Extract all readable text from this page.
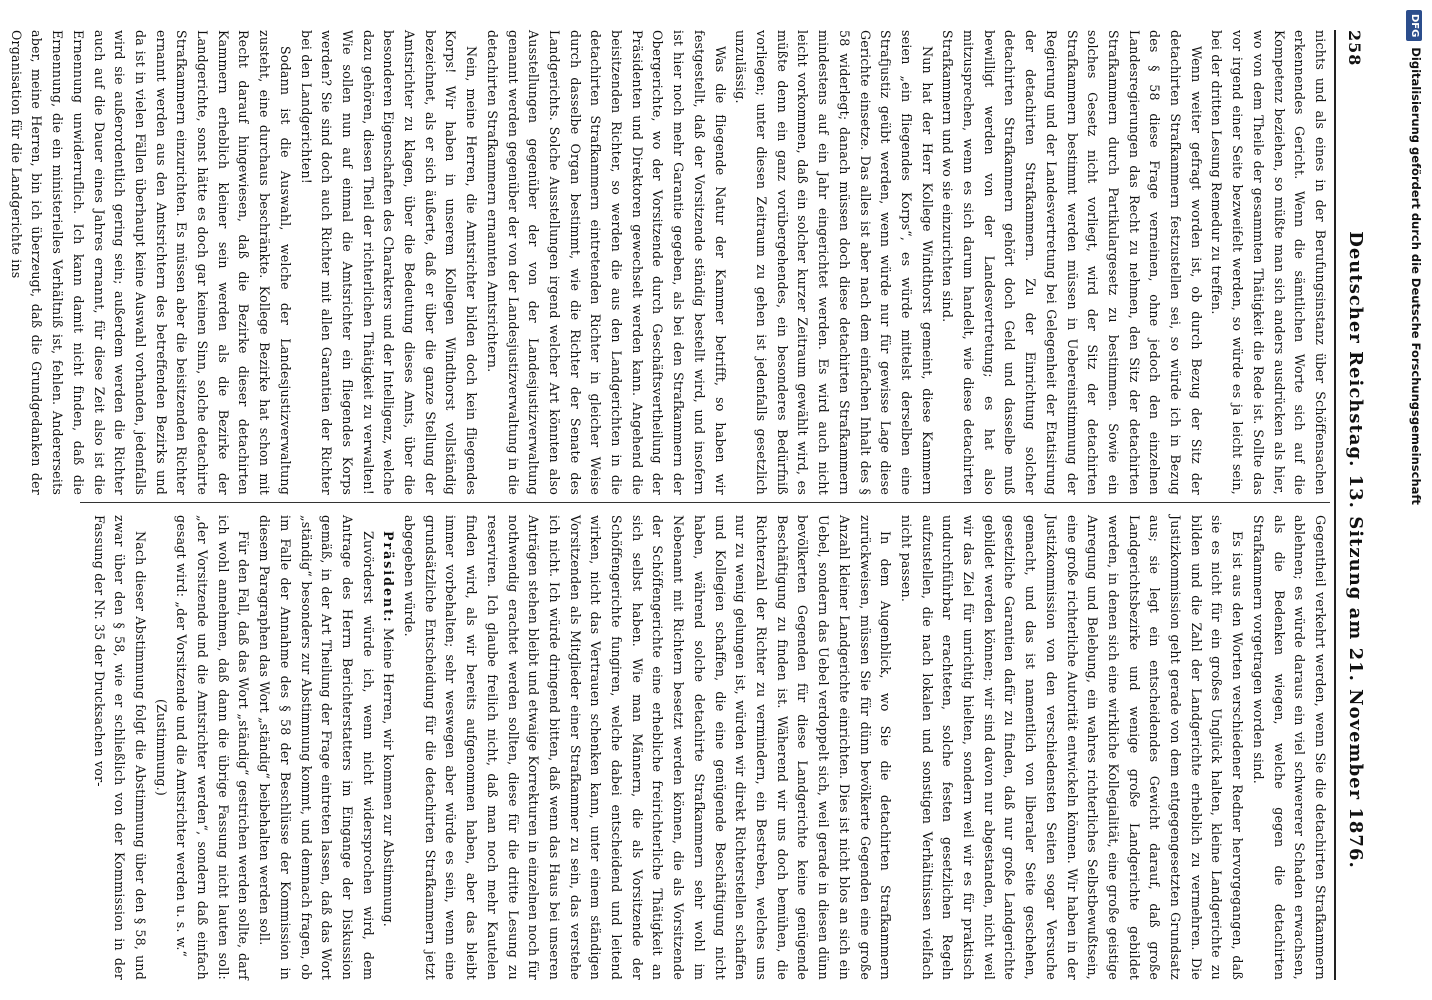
258
Deutscher Reichstag. 13. Sitzung am 21. November 1876.

nichts und als eines in der Berufungsinstanz über Schöffensachen erkennendes Gericht. Wenn die sämtlichen Worte sich auf die Kompetenz beziehen, so müßte man sich anders ausdrücken als hier, wo von dem Theile der gesammten Thätigkeit die Rede ist. Sollte das vor irgend einer Seite bezweifelt werden, so würde es ja leicht sein, bei der dritten Lesung Remedur zu treffen.

Wenn weiter gefragt worden ist, ob durch Bezug der Sitz der detachirten Strafkammern festzustellen sei, so würde ich in Bezug des § 58 diese Frage verneinen, ohne jedoch den einzelnen Landesregierungen das Recht zu nehmen, den Sitz der detachirten Strafkammern durch Partikulargesetz zu bestimmen. Sowie ein solches Gesetz nicht vorliegt, wird der Sitz der detachirten Strafkammern bestimmt werden müssen in Uebereinstimmung der Regierung und der Landesvertretung bei Gelegenheit der Etatisirung der detachirten Strafkammern. Zu der Einrichtung solcher detachirten Strafkammern gehört doch Geld und dasselbe muß bewilligt werden von der Landesvertretung; es hat also mitzusprechen, wenn es sich darum handelt, wie diese detachirten Strafkammern und wo sie einzurichten sind.

Nun hat der Herr Kollege Windthorst gemeint, diese Kammern seien „ein fliegendes Korps“, es würde mittelst derselben eine Strafjustiz geübt werden, wenn würde nur für gewisse Lage diese Gerichte einsetze. Das alles ist aber nach dem einfachen Inhalt des § 58 widerlegt; danach müssen doch diese detachirten Strafkammern mindestens auf ein Jahr eingerichtet werden. Es wird auch nicht leicht vorkommen, daß ein solcher kurzer Zeitraum gewählt wird, es müßte denn ein ganz vorübergehendes, ein besonderes Bedürfniß vorliegen; unter diesen Zeitraum zu gehen ist jedenfalls gesetzlich unzulässig.

Was die fliegende Natur der Kammer betrifft, so haben wir festgestellt, daß der Vorsitzende ständig bestellt wird, und insofern ist hier noch mehr Garantie gegeben, als bei den Strafkammern der Obergerichte, wo der Vorsitzende durch Geschäftsvertheilung der Präsidenten und Direktoren gewechselt werden kann. Angehend die beisitzenden Richter, so werden die aus den Landgerichten in die detachirten Strafkammern eintretenden Richter in gleicher Weise durch dasselbe Organ bestimmt, wie die Richter der Senate des Landgerichts. Solche Ausstellungen irgend welcher Art könnten also Ausstellungen gegenüber der von der Landesjustizverwaltung genannt werden gegenüber der von der Landesjustizverwaltung in die detachirten Strafkammern ernannten Amtsrichtern.

Nein, meine Herren, die Amtsrichter bilden doch kein fliegendes Korps! Wir haben in unserem Kollegen Windthorst vollständig bezeichnet, als er sich äußerte, daß er über die ganze Stellung der Amtsrichter zu klagen, über die Bedeutung dieses Amts, über die besonderen Eigenschaften des Charakters und der Intelligenz, welche dazu gehören, diesen Theil der richterlichen Thätigkeit zu verwalten! Wie sollen nun auf einmal die Amtsrichter ein fliegendes Korps werden? Sie sind doch auch Richter mit allen Garantien der Richter bei den Landgerichten!

Sodann ist die Auswahl, welche der Landesjustizverwaltung zusteht, eine durchaus beschränkte. Kollege Bezirke hat schon mit Recht darauf hingewiesen, daß die Bezirke dieser detachirten Kammern erheblich kleiner sein werden als die Bezirke der Landgerichte, sonst hätte es doch gar keinen Sinn, solche detachirte Strafkammern einzurichten. Es müssen aber die beisitzenden Richter ernannt werden aus den Amtsrichtern des betreffenden Bezirks und da ist in vielen Fällen überhaupt keine Auswahl vorhanden, jedenfalls wird sie außerordentlich gering sein; außerdem werden die Richter auch auf die Dauer eines Jahres ernannt, für diese Zeit also ist die Ernennung unwiderruflich. Ich kann damit nicht finden, daß die Ernennung, die ein ministerielles Verhältniß ist, fehlen. Andererseits aber, meine Herren, bin ich überzeugt, daß die Grundgedanken der Organisation für die Landgerichte ins

Gegentheil verkehrt werden, wenn Sie die detachirten Strafkammern ablehnen; es würde daraus ein viel schwererer Schaden erwachsen, als die Bedenken wiegen, welche gegen die detachirten Strafkammern vorgetragen worden sind.

Es ist aus den Worten verschiedener Redner hervorgegangen, daß sie es nicht für ein großes Unglück halten, kleine Landgerichte zu bilden und die Zahl der Landgerichte erheblich zu vermehren. Die Justizkommission geht gerade von dem entgegengesetzten Grundsatz aus; sie legt ein entscheidendes Gewicht darauf, daß große Landgerichtsbezirke und wenige große Landgerichte gebildet werden, in denen sich eine wirkliche Kollegialität, eine große geistige Anregung und Belebung, ein wahres richterliches Selbstbewußtsein, eine große richterliche Autorität entwickeln können. Wir haben in der Justizkommission von den verschiedensten Seiten sogar Versuche gemacht, und das ist namentlich von liberaler Seite geschehen, gesetzliche Garantien dafür zu finden, daß nur große Landgerichte gebildet werden können; wir sind davon nur abgestanden, nicht weil wir das Ziel für unrichtig hielten, sondern weil wir es für praktisch undurchführbar erachteten, solche festen gesetzlichen Regeln aufzustellen, die nach lokalen und sonstigen Verhältnissen vielfach nicht passen.

In dem Augenblick, wo Sie die detachirten Strafkammern zurückweisen, müssen Sie für dünn bevölkerte Gegenden eine große Anzahl kleiner Landgerichte einrichten. Dies ist nicht blos an sich ein Uebel, sondern das Uebel verdoppelt sich, weil gerade in diesen dünn bevölkerten Gegenden für diese Landgerichte keine genügende Beschäftigung zu finden ist. Wäherend wir uns doch bemühen, die Richterzahl der Richter zu vermindern, ein Bestreben, welches uns nur zu wenig gelungen ist, würden wir direkt Richterstellen schaffen und Kollegien schaffen, die eine genügende Beschäftigung nicht haben, während solche detachirte Strafkammern sehr wohl im Nebenamt mit Richtern besetzt werden können, die als Vorsitzende der Schöffengerichte eine erhebliche freirichterliche Thätigkeit an sich selbst haben. Wie man Männern, die als Vorsitzende der Schöffengerichte fungiren, welche dabei entscheidend und leitend wirken, nicht das Vertrauen schenken kann, unter einem ständigen Vorsitzenden als Mitglieder einer Strafkammer zu sein, das verstehe ich nicht. Ich würde dringend bitten, daß wenn das Haus bei unseren Anträgen stehen bleibt und etwaige Korrekturen in einzelnen noch für nothwendig erachtet werden sollten, diese für die dritte Lesung zu reserviren. Ich glaube freilich nicht, daß man noch mehr Kautelen finden wird, als wir bereits aufgenommen haben, aber das bleibt immer vorbehalten; sehr weswegen aber würde es sein, wenn eine grundsätzliche Entscheidung für die detachirten Strafkammern jetzt abgegeben würde.

Präsident: Meine Herren, wir kommen zur Abstimmung.

Zuvörderst würde ich, wenn nicht widersprochen wird, dem Antrage des Herrn Berichterstatters im Eingange der Diskussion gemäß, in der Art Theilung der Frage eintreten lassen, daß das Wort „ständig“ besonders zur Abstimmung kommt, und demnach fragen, ob im Falle der Annahme des § 58 der Beschlüsse der Kommission in diesem Paragraphen das Wort „ständig“ beibehalten werden soll.

Für den Fall, daß das Wort „ständig“ gestrichen werden sollte, darf ich wohl annehmen, daß dann die übrige Fassung nicht lauten soll: „der Vorsitzende und die Amtsrichter werden“, sondern daß einfach gesagt wird: „der Vorsitzende und die Amtsrichter werden u. s. w.“

(Zustimmung.)

Nach dieser Abstimmung folgt die Abstimmung über den § 58, und zwar über den § 58, wie er schließlich von der Kommission in der Fassung der Nr. 35 der Drucksachen vor-

DFGDigitalisierung gefördert durch die Deutsche Forschungsgemeinschaft
